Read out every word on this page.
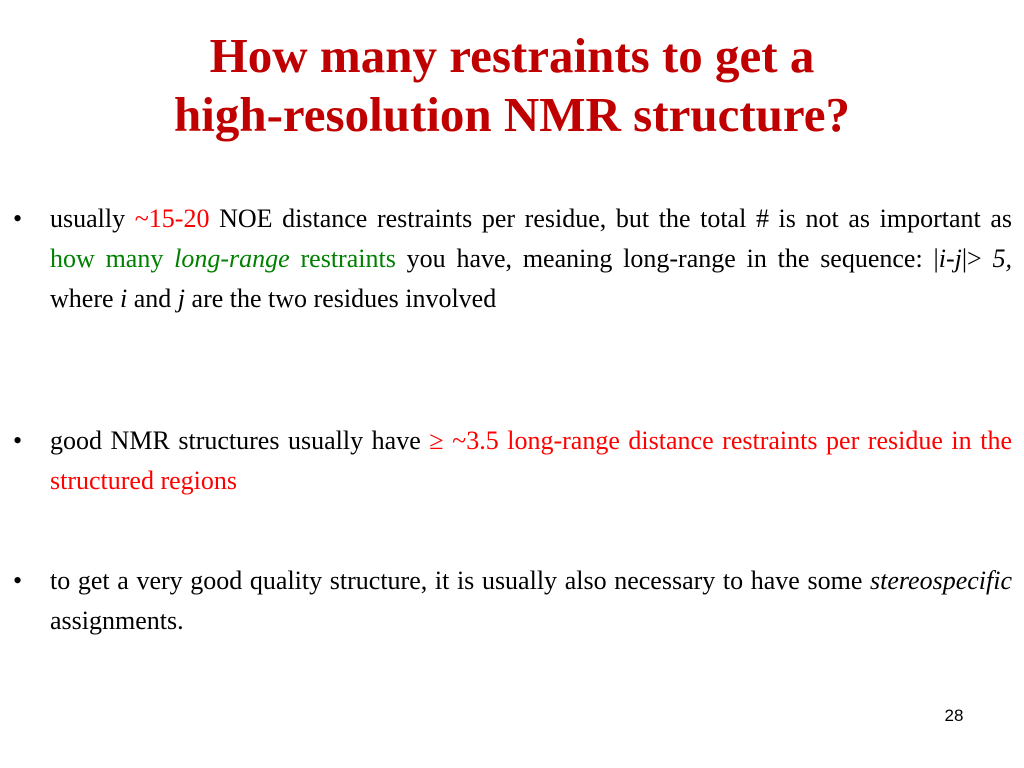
How many restraints to get a
high-resolution NMR structure?
•	usually ~15-20 NOE distance restraints per residue, but the total # is not as important as how many long-range restraints you have, meaning long-range in the sequence: |i-j|> 5, where i and j are the two residues involved
•	good NMR structures usually have ≥ ~3.5 long-range distance restraints per residue in the structured regions
•	to get a very good quality structure, it is usually also necessary to have some stereospecific assignments.
28
